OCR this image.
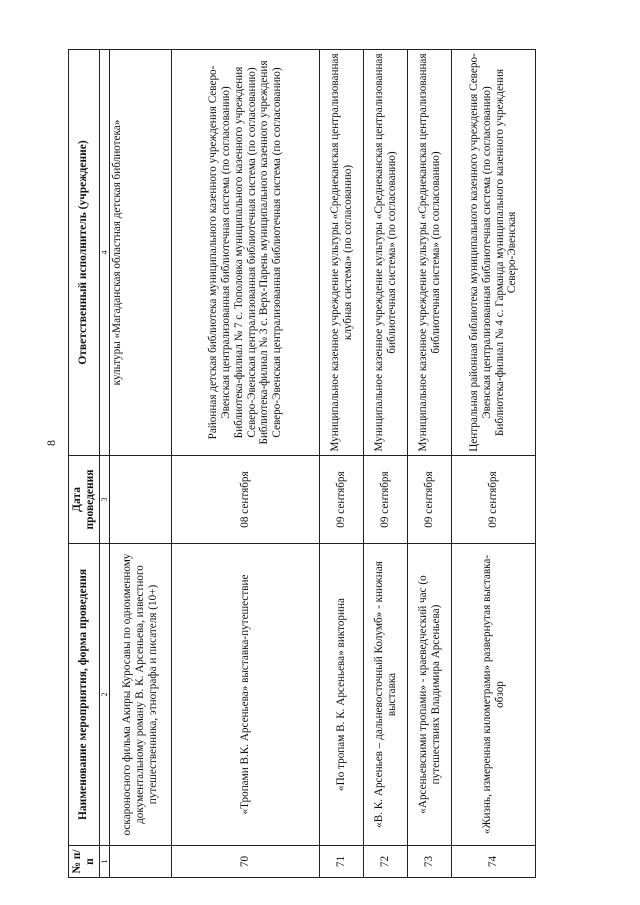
8
№ п/п	Наименование мероприятия, форма проведения	Дата проведения	Ответственный исполнитель (учреждение)
1	2	3	4
	оскароносного фильма Акиры Куросавы по одноименному документальному роману В. К. Арсеньева, известного путешественника, этнографа и писателя (10+)		культуры «Магаданская областная детская библиотека»

70	«Тропами В.К. Арсеньева» выставка-путешествие	08 сентября	Районная детская библиотека муниципального казенного учреждения Северо-Эвенская централизованная библиотечная система (по согласованию) Библиотека-филиал № 7 с. Тополовка муниципального казенного учреждения Северо-Эвенская централизованная библиотечная система (по согласованию) Библиотека-филиал № 3 с. Верх-Парень муниципального казенного учреждения Северо-Эвенская централизованная библиотечная система (по согласованию)

71	«По тропам В. К. Арсеньева» викторина	09 сентября	Муниципальное казенное учреждение культуры «Среднеканская централизованная клубная система» (по согласованию)

72	«В. К. Арсеньев – дальневосточный Колумб» - книжная выставка	09 сентября	Муниципальное казенное учреждение культуры «Среднеканская централизованная библиотечная система» (по согласованию)

73	«Арсеньевскими тропами» - краеведческий час (о путешествиях Владимира Арсеньева)	09 сентября	Муниципальное казенное учреждение культуры «Среднеканская централизованная библиотечная система» (по согласованию)

74	«Жизнь, измеренная километрами» развернутая выставка-обзор	09 сентября	Центральная районная библиотека муниципального казенного учреждения Северо-Эвенская централизованная библиотечная система (по согласованию) Библиотека-филиал № 4 с. Гарманда муниципального казенного учреждения Северо-Эвенская
